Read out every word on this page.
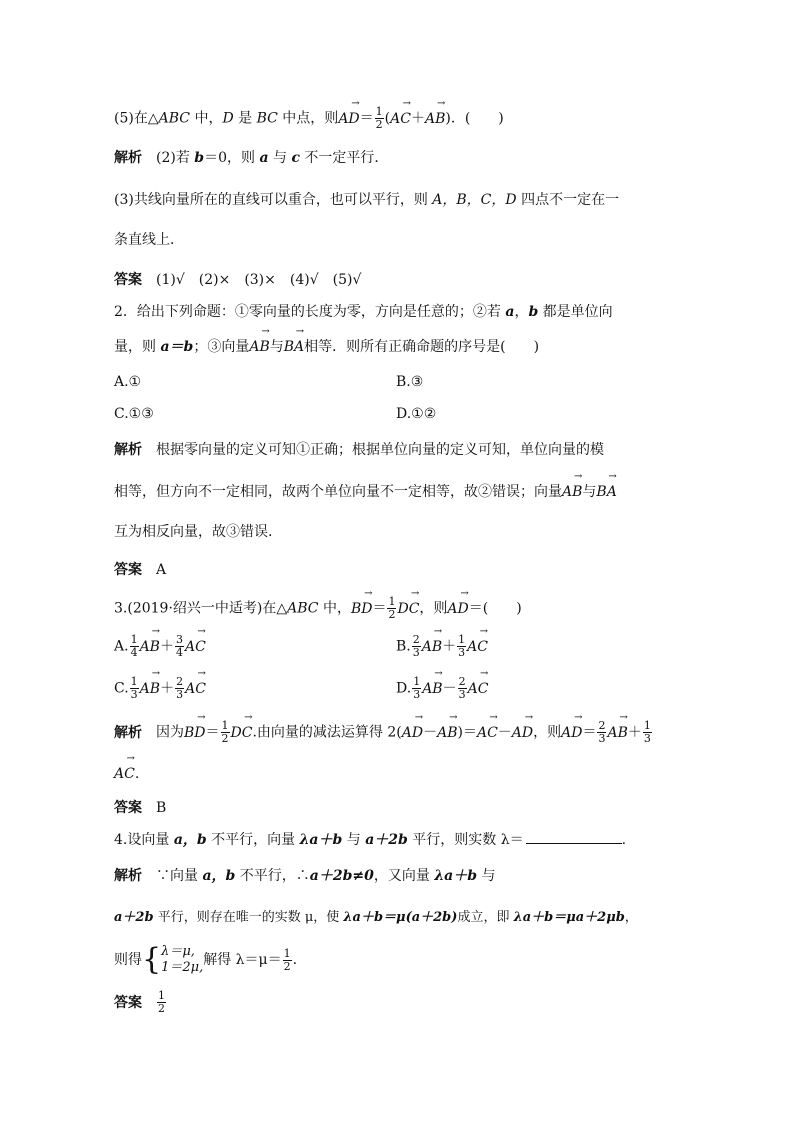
(5)在△ABC 中，D 是 BC 中点，则→ $AD= \frac{1}{2}$ (→ AC＋→ AB)．(　　)
解析 (2)若 b＝0，则 a 与 c 不一定平行．
(3)共线向量所在的直线可以重合，也可以平行，则 A，B，C，D 四点不一定在一
条直线上．
答案 (1)√　(2)×　(3)×　(4)√　(5)√
2．给出下列命题：①零向量的长度为零，方向是任意的；②若 a，b 都是单位向
量，则 a＝b；③向量→ AB与→ BA相等．则所有正确命题的序号是(　　)
A.①	B.③
C.①③	D.①②
解析 根据零向量的定义可知①正确；根据单位向量的定义可知，单位向量的模
相等，但方向不一定相同，故两个单位向量不一定相等，故②错误；向量→ AB与→ BA
互为相反向量，故③错误.
答案 A
3.(2019·绍兴一中适考)在△ABC 中，→ $BD= \frac{1}{2}$
→ DC，则→ AD＝(　　)
A. $\frac{1}{4}$
→ $AB+ \frac{3}{4}$
→ AC	B. $\frac{2}{3}$
→ $AB+ \frac{1}{3}$
→ AC
C. $\frac{1}{3}$
→ $AB+ \frac{2}{3}$
→ AC	D. $\frac{1}{3}$
→ $AB- \frac{2}{3}$
→ AC
解析 因为→ $BD= \frac{1}{2}$
→ DC.由向量的减法运算得 2(→ AD－→ AB)＝→ AC－→ AD，则→ $AD= \frac{2}{3}$
→ $AB+ \frac{1}{3}$
→ AC.
答案 B
4.设向量 a，b 不平行，向量 λa＋b 与 a＋2b 平行，则实数 λ＝	.
解析 ∵向量 a，b 不平行，∴a＋2b≠0，又向量 λa＋b 与
a＋2b 平行，则存在唯一的实数 μ，使 λa＋b＝μ(a＋2b)成立，即 λa＋b＝μa＋2μb，
则得{ λ＝μ,
1＝2μ, 解得 $\lambda=\mu= \frac{1}{2}$ .
答案 $\frac{1}{2}$
